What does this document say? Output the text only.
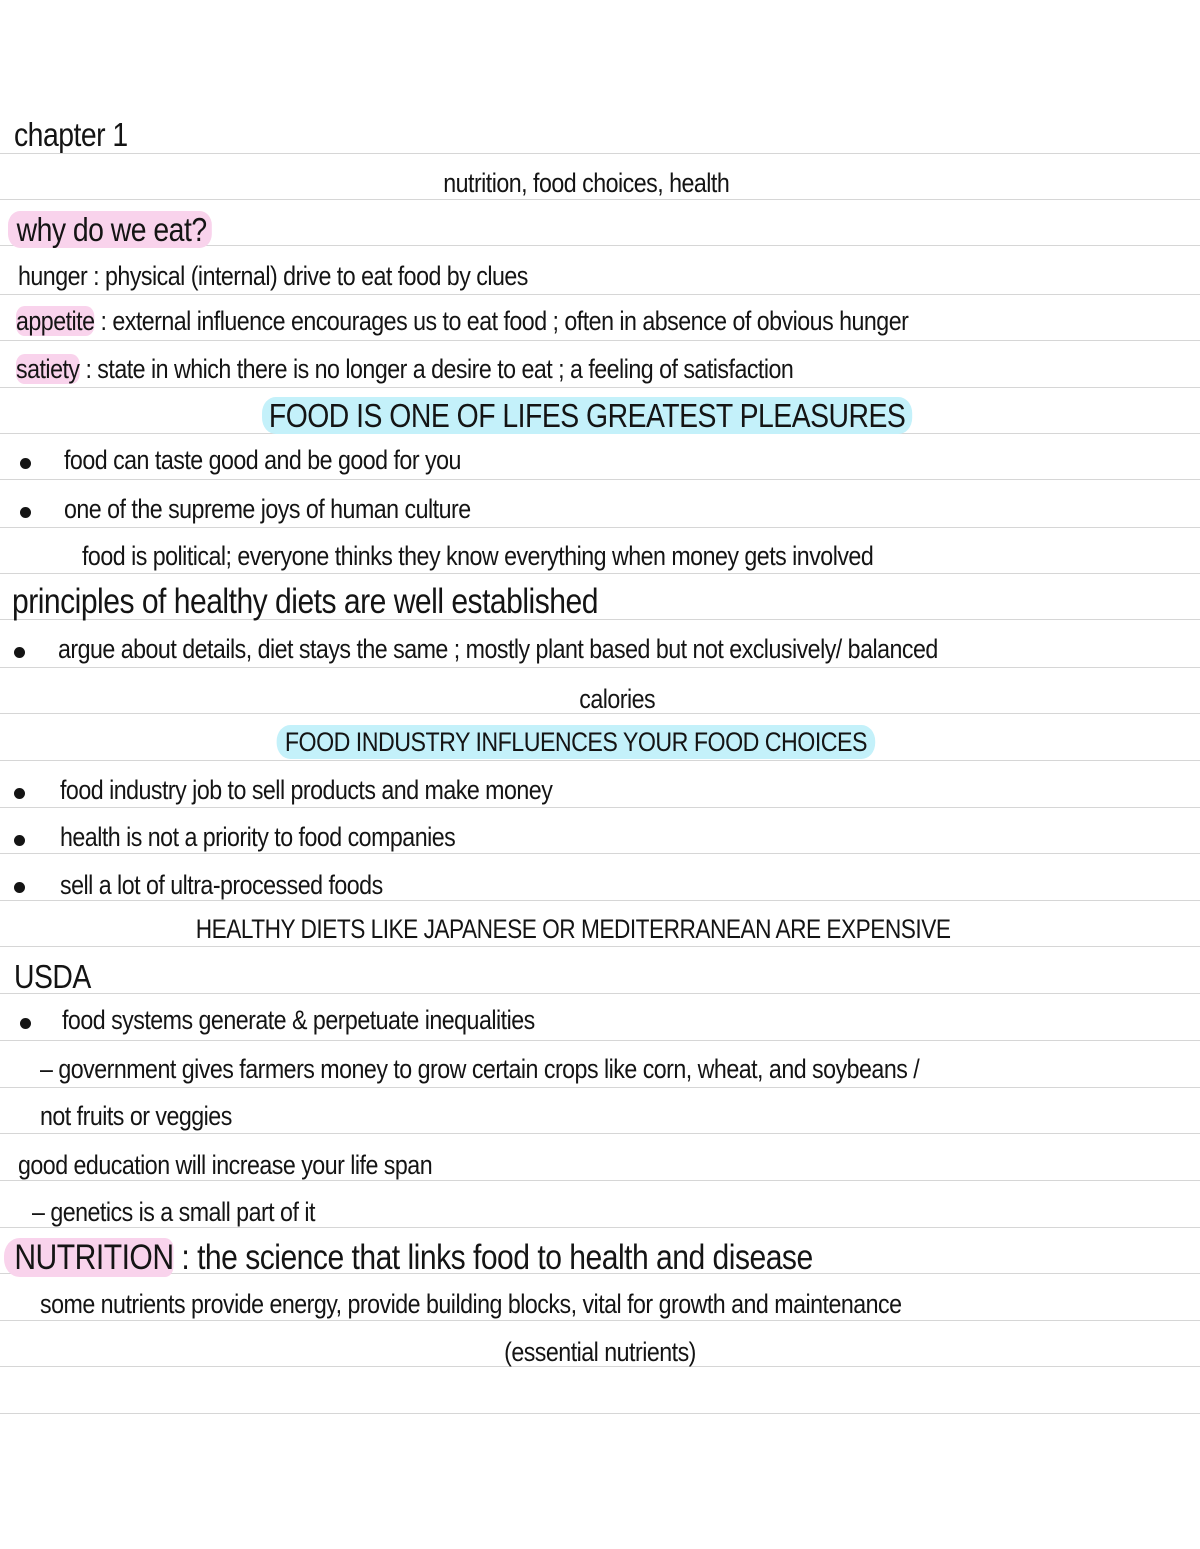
chapter 1
nutrition, food choices, health
why do we eat?
hunger : physical (internal) drive to eat food by clues
appetite : external influence encourages us to eat food ; often in absence of obvious hunger
satiety : state in which there is no longer a desire to eat ; a feeling of satisfaction
FOOD IS ONE OF LIFES GREATEST PLEASURES
food can taste good and be good for you
one of the supreme joys of human culture
food is political; everyone thinks they know everything when money gets involved
principles of healthy diets are well established
argue about details, diet stays the same ; mostly plant based but not exclusively/ balanced
calories
FOOD INDUSTRY INFLUENCES YOUR FOOD CHOICES
food industry job to sell products and make money
health is not a priority to food companies
sell a lot of ultra-processed foods
HEALTHY DIETS LIKE JAPANESE OR MEDITERRANEAN ARE EXPENSIVE
USDA
food systems generate & perpetuate inequalities
– government gives farmers money to grow certain crops like corn, wheat, and soybeans /
not fruits or veggies
good education will increase your life span
– genetics is a small part of it
NUTRITION : the science that links food to health and disease
some nutrients provide energy, provide building blocks, vital for growth and maintenance
(essential nutrients)
